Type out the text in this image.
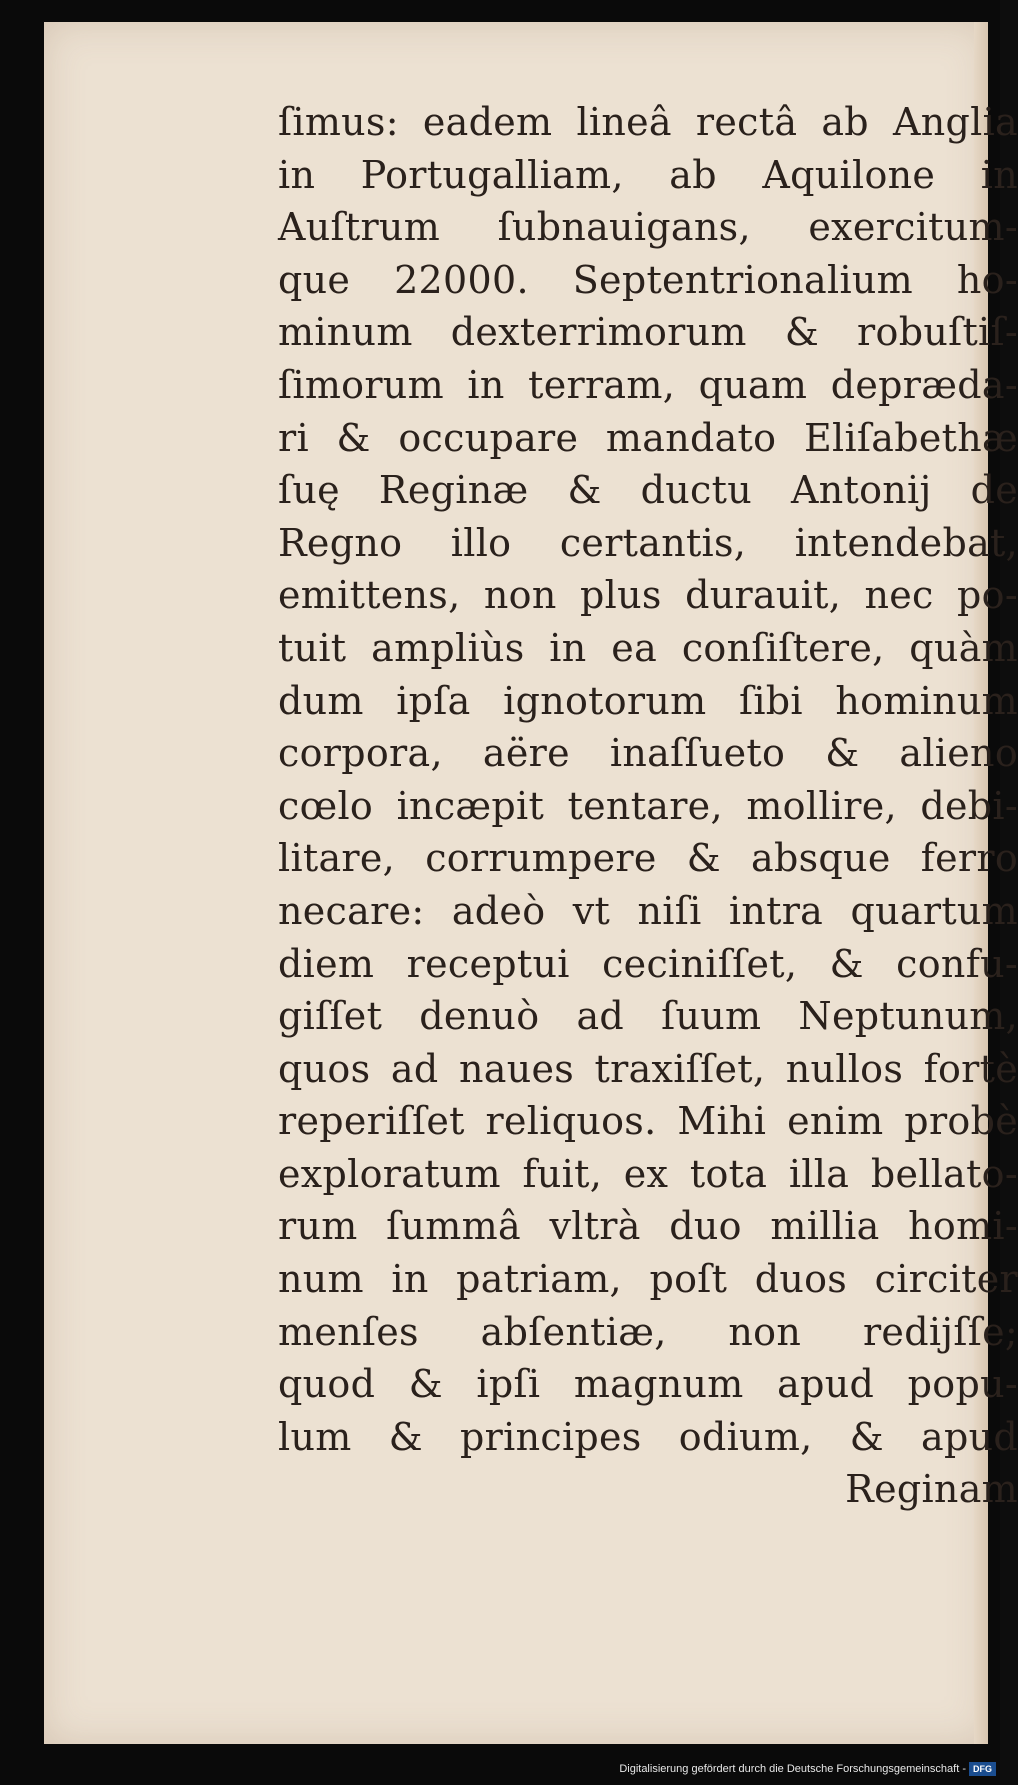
ſimus: eadem lineâ rectâ ab Anglia
in Portugalliam, ab Aquilone in
Auſtrum ſubnauigans, exercitum-
que 22000. Septentrionalium ho-
minum dexterrimorum & robuſtiſ-
ſimorum in terram, quam depræda-
ri & occupare mandato Eliſabethæ
ſuę Reginæ & ductu Antonij de
Regno illo certantis, intendebat,
emittens, non plus durauit, nec po-
tuit ampliùs in ea conſiſtere, quàm
dum ipſa ignotorum ſibi hominum
corpora, aëre inaſſueto & alieno
cœlo incæpit tentare, mollire, debi-
litare, corrumpere & absque ferro
necare: adeò vt niſi intra quartum
diem receptui ceciniſſet, & confu-
giſſet denuò ad ſuum Neptunum,
quos ad naues traxiſſet, nullos fortè
reperiſſet reliquos. Mihi enim probè
exploratum fuit, ex tota illa bellato-
rum ſummâ vltrà duo millia homi-
num in patriam, poſt duos circiter
menſes abſentiæ, non redijſſe;
quod & ipſi magnum apud popu-
lum & principes odium, & apud
Reginam
Digitalisierung gefördert durch die Deutsche Forschungsgemeinschaft - DFG
